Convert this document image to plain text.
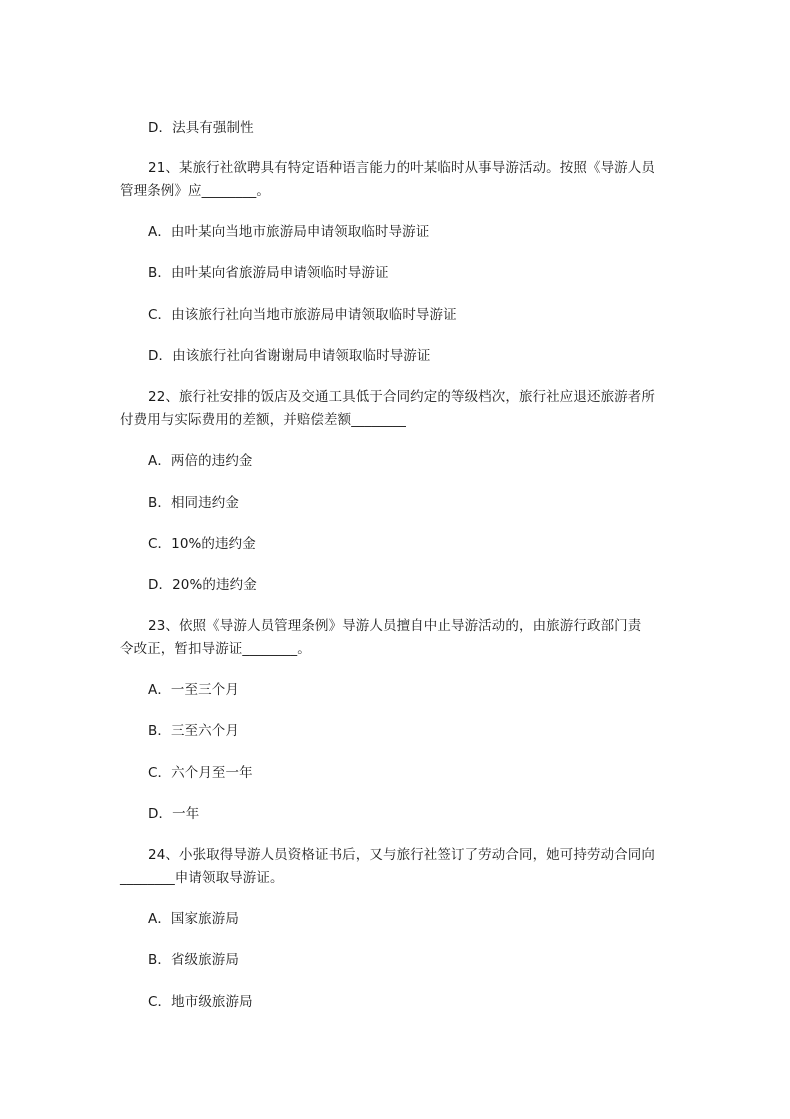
D．法具有强制性
21、某旅行社欲聘具有特定语种语言能力的叶某临时从事导游活动。按照《导游人员
管理条例》应________。
A．由叶某向当地市旅游局申请领取临时导游证
B．由叶某向省旅游局申请领临时导游证
C．由该旅行社向当地市旅游局申请领取临时导游证
D．由该旅行社向省谢谢局申请领取临时导游证
22、旅行社安排的饭店及交通工具低于合同约定的等级档次，旅行社应退还旅游者所
付费用与实际费用的差额，并赔偿差额________
A．两倍的违约金
B．相同违约金
C．10%的违约金
D．20%的违约金
23、依照《导游人员管理条例》导游人员擅自中止导游活动的，由旅游行政部门责
令改正，暂扣导游证________。
A．一至三个月
B．三至六个月
C．六个月至一年
D．一年
24、小张取得导游人员资格证书后，又与旅行社签订了劳动合同，她可持劳动合同向
________申请领取导游证。
A．国家旅游局
B．省级旅游局
C．地市级旅游局
